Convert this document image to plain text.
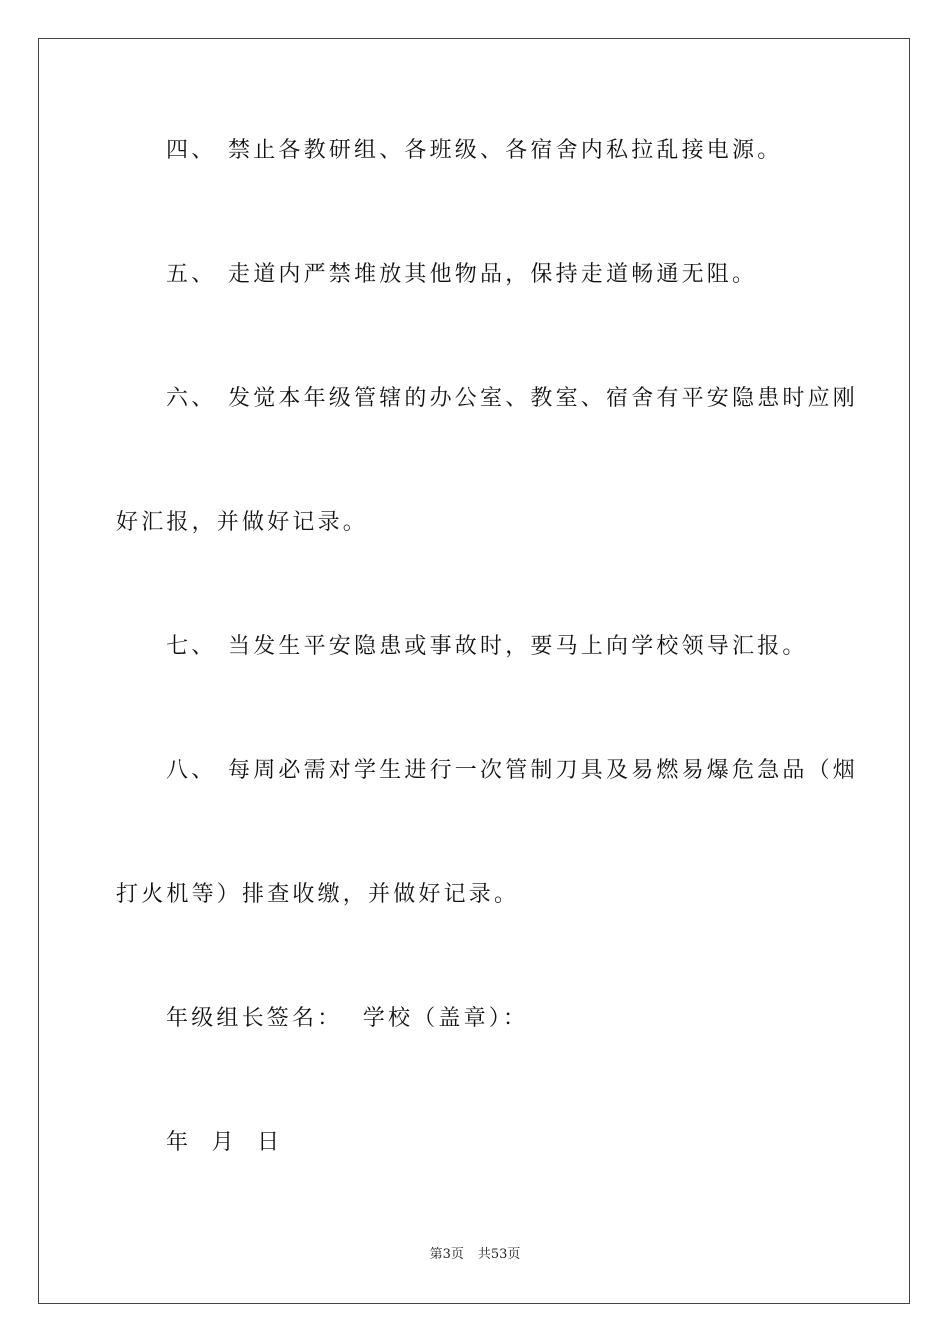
四、 禁止各教研组、各班级、各宿舍内私拉乱接电源。
五、 走道内严禁堆放其他物品，保持走道畅通无阻。
六、 发觉本年级管辖的办公室、教室、宿舍有平安隐患时应刚
好汇报，并做好记录。
七、 当发生平安隐患或事故时，要马上向学校领导汇报。
八、 每周必需对学生进行一次管制刀具及易燃易爆危急品（烟
打火机等）排查收缴，并做好记录。
年级组长签名：  学校（盖章）：
年  月  日
第3页 共53页
